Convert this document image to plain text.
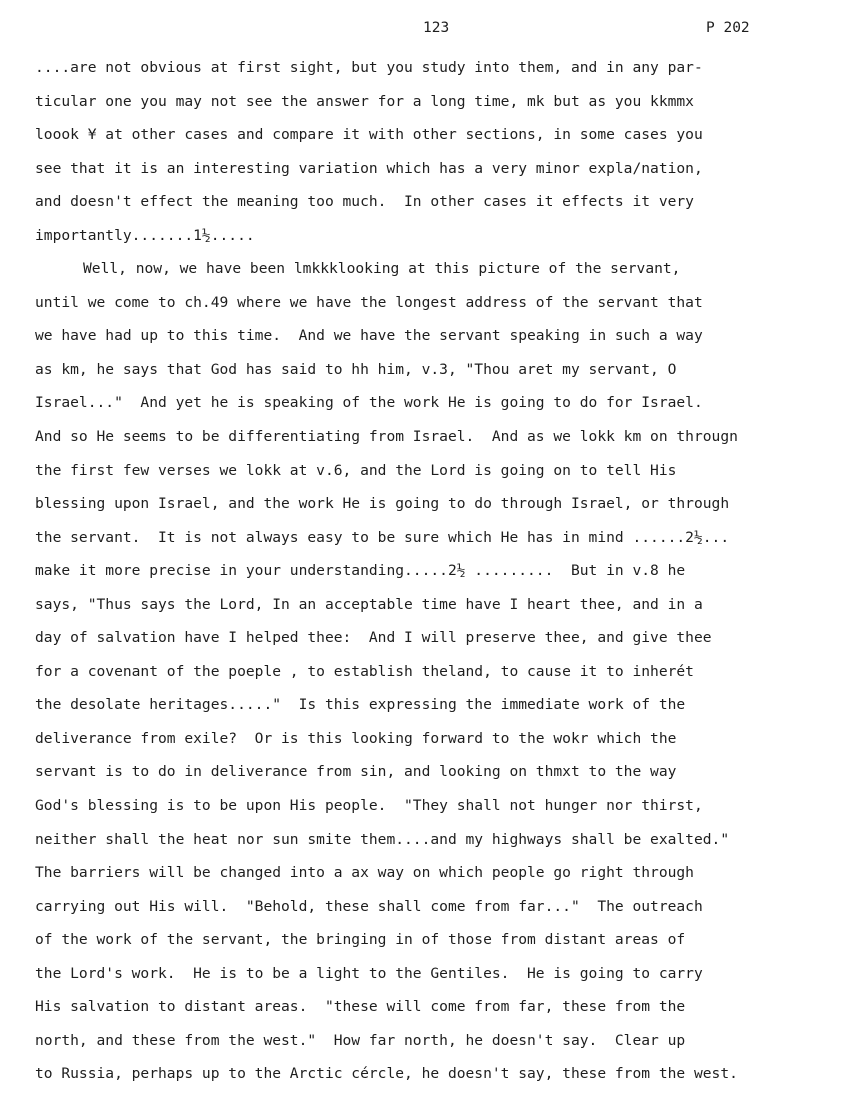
123	P 202
....are not obvious at first sight, but you study into them, and in any par-
ticular one you may not see the answer for a long time, mk but as you kkmmx
loook ¥ at other cases and compare it with other sections, in some cases you
see that it is an interesting variation which has a very minor expla/nation,
and doesn't effect the meaning too much.  In other cases it effects it very
importantly.......1½.....
Well, now, we have been lmkkklooking at this picture of the servant,
until we come to ch.49 where we have the longest address of the servant that
we have had up to this time.  And we have the servant speaking in such a way
as km, he says that God has said to hh him, v.3, "Thou aret my servant, O
Israel..."  And yet he is speaking of the work He is going to do for Israel.
And so He seems to be differentiating from Israel.  And as we lokk km on througn
the first few verses we lokk at v.6, and the Lord is going on to tell His
blessing upon Israel, and the work He is going to do through Israel, or through
the servant.  It is not always easy to be sure which He has in mind ......2½...
make it more precise in your understanding.....2½ .........  But in v.8 he
says, "Thus says the Lord, In an acceptable time have I heart thee, and in a
day of salvation have I helped thee:  And I will preserve thee, and give thee
for a covenant of the poeple , to establish theland, to cause it to inherét
the desolate heritages....."  Is this expressing the immediate work of the
deliverance from exile?  Or is this looking forward to the wokr which the
servant is to do in deliverance from sin, and looking on thmxt to the way
God's blessing is to be upon His people.  "They shall not hunger nor thirst,
neither shall the heat nor sun smite them....and my highways shall be exalted."
The barriers will be changed into a ax way on which people go right through
carrying out His will.  "Behold, these shall come from far..."  The outreach
of the work of the servant, the bringing in of those from distant areas of
the Lord's work.  He is to be a light to the Gentiles.  He is going to carry
His salvation to distant areas.  "these will come from far, these from the
north, and these from the west."  How far north, he doesn't say.  Clear up
to Russia, perhaps up to the Arctic cércle, he doesn't say, these from the west.
